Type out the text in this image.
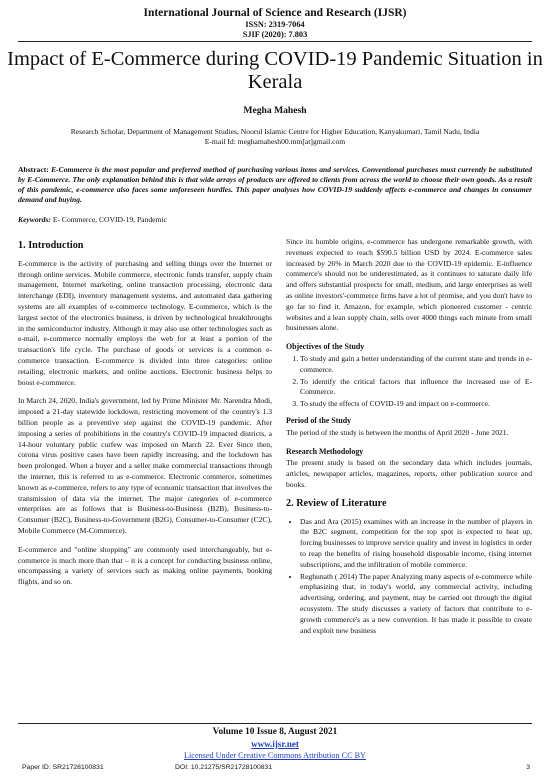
International Journal of Science and Research (IJSR)
ISSN: 2319-7064
SJIF (2020): 7.803
Impact of E-Commerce during COVID-19 Pandemic Situation in Kerala
Megha Mahesh
Research Scholar, Department of Management Studies, Noorul Islamic Centre for Higher Education, Kanyakumari, Tamil Nadu, India
E-mail Id: meghamahesh00.mm[at]gmail.com
Abstract: E-Commerce is the most popular and preferred method of purchasing various items and services. Conventional purchases must currently be substituted by E-Commerce. The only explanation behind this is that wide arrays of products are offered to clients from across the world to choose their own goods. As a result of this pandemic, e-commerce also faces some unforeseen hurdles. This paper analyses how COVID-19 suddenly affects e-commerce and changes in consumer demand and buying.
Keywords: E- Commerce, COVID-19, Pandemic
1. Introduction

E-commerce is the activity of purchasing and selling things over the Internet or through online services. Mobile commerce, electronic funds transfer, supply chain management, Internet marketing, online transaction processing, electronic data interchange (EDI), inventory management systems, and automated data gathering systems are all examples of e-commerce technology. E-commerce, which is the largest sector of the electronics business, is driven by technological breakthroughs in the semiconductor industry. Although it may also use other technologies such as e-mail, e-commerce normally employs the web for at least a portion of the transaction's life cycle. The purchase of goods or services is a common e-commerce transaction. E-commerce is divided into three categories: online retailing, electronic markets, and online auctions. Electronic business helps to boost e-commerce.

In March 24, 2020, India's government, led by Prime Minister Mr. Narendra Modi, imposed a 21-day statewide lockdown, restricting movement of the country's 1.3 billion people as a preventive step against the COVID-19 pandemic. After imposing a series of prohibitions in the country's COVID-19 impacted districts, a 14-hour voluntary public curfew was imposed on March 22. Ever Since then, corona virus positive cases have been rapidly increasing, and the lockdown has been prolonged. When a buyer and a seller make commercial transactions through the internet, this is referred to as e-commerce. Electronic commerce, sometimes known as e-commerce, refers to any type of economic transaction that involves the transmission of data via the internet. The major categories of e-commerce enterprises are as follows that is Business-to-Business (B2B), Business-to-Consumer (B2C), Business-to-Government (B2G), Consumer-to-Consumer (C2C), Mobile Commerce (M-Commerce).

E-commerce and "online shopping" are commonly used interchangeably, but e-commerce is much more than that – it is a concept for conducting business online, encompassing a variety of services such as making online payments, booking flights, and so on.

Since its humble origins, e-commerce has undergone remarkable growth, with revenues expected to reach $590.5 billion USD by 2024. E-commerce sales increased by 26% in March 2020 due to the COVID-19 epidemic. E-influence commerce's should not be underestimated, as it continues to saturate daily life and offers substantial prospects for small, medium, and large enterprises as well as online investors'-commerce firms have a lot of promise, and you don't have to go far to find it. Amazon, for example, which pioneered customer - centric websites and a lean supply chain, sells over 4000 things each minute from small businesses alone.

Objectives of the Study
1. To study and gain a better understanding of the current state and trends in e-commerce.
2. To identify the critical factors that influence the increased use of E-Commerce.
3. To study the effects of COVID-19 and impact on e-commerce.
Period of the Study

The period of the study is between the months of April 2020 - June 2021.

Research Methodology

The present study is based on the secondary data which includes journals, articles, newspaper articles, magazines, reports, other publication source and books.

2. Review of Literature
• Das and Ara (2015) examines with an increase in the number of players in the B2C segment, competition for the top spot is expected to heat up, forcing businesses to improve service quality and invest in logistics in order to reap the benefits of rising household disposable income, rising internet subscriptions, and the infiltration of mobile commerce.
• Reghunath ( 2014) The paper Analyzing many aspects of e-commerce while emphasizing that, in today's world, any commercial activity, including advertising, ordering, and payment, may be carried out through the digital ecosystem. The study discusses a variety of factors that contribute to e-growth commerce's as a new convention. It has made it possible to create and exploit new business
Volume 10 Issue 8, August 2021
www.ijsr.net
Licensed Under Creative Commons Attribution CC BY
Paper ID: SR21728100831	DOI: 10.21275/SR21728100831	3
